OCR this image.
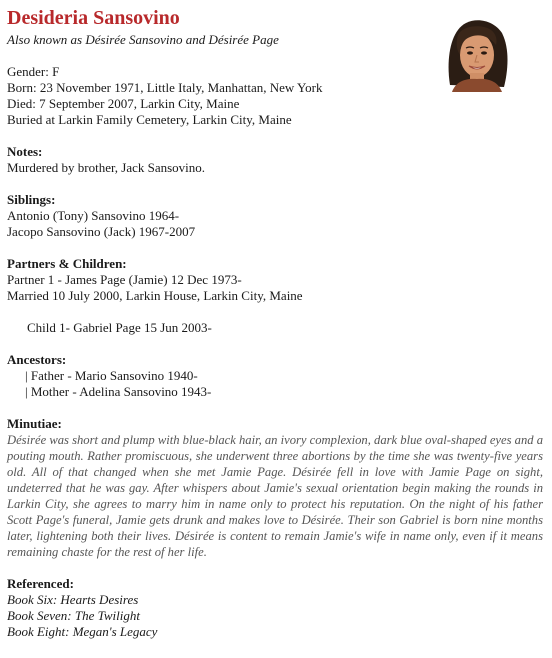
Desideria Sansovino

Also known as Désirée Sansovino and Désirée Page

Gender: F

Born: 23 November 1971, Little Italy, Manhattan, New York

Died: 7 September 2007, Larkin City, Maine

Buried at Larkin Family Cemetery, Larkin City, Maine

Notes:

Murdered by brother, Jack Sansovino.

Siblings:

Antonio (Tony) Sansovino 1964-

Jacopo Sansovino (Jack) 1967-2007

Partners & Children:

Partner 1 - James Page (Jamie) 12 Dec 1973-

Married 10 July 2000, Larkin House, Larkin City, Maine

Child 1- Gabriel Page 15 Jun 2003-

Ancestors:

| Father - Mario Sansovino 1940-

| Mother - Adelina Sansovino 1943-

Minutiae:

Désirée was short and plump with blue-black hair, an ivory complexion, dark blue oval-shaped eyes and a pouting mouth. Rather promiscuous, she underwent three abortions by the time she was twenty-five years old. All of that changed when she met Jamie Page. Désirée fell in love with Jamie Page on sight, undeterred that he was gay. After whispers about Jamie's sexual orientation begin making the rounds in Larkin City, she agrees to marry him in name only to protect his reputation. On the night of his father Scott Page's funeral, Jamie gets drunk and makes love to Désirée. Their son Gabriel is born nine months later, lightening both their lives. Désirée is content to remain Jamie's wife in name only, even if it means remaining chaste for the rest of her life.

Referenced:

Book Six: Hearts Desires

Book Seven: The Twilight

Book Eight: Megan's Legacy
